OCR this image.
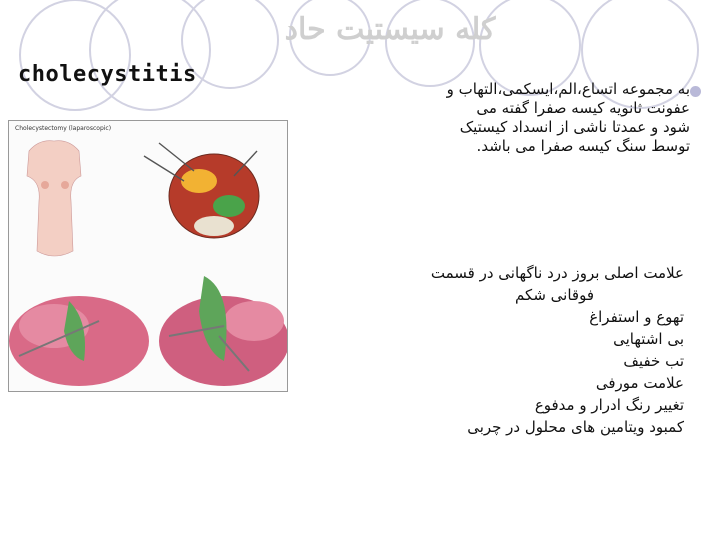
کله سیستیت حاد
cholecystitis
Cholecystectomy (laparoscopic)
به مجموعه اتساع،الم،ایسکمی،التهاب و
عفونت ثانویه کیسه صفرا گفته می
شود و عمدتا ناشی از انسداد کیستیک
توسط سنگ کیسه صفرا می باشد.
علامت اصلی بروز درد ناگهانی در قسمت
فوقانی شکم
تهوع و استفراغ
بی اشتهایی
تب خفیف
علامت مورفی
تغییر رنگ ادرار و مدفوع
کمبود ویتامین های محلول در چربی
